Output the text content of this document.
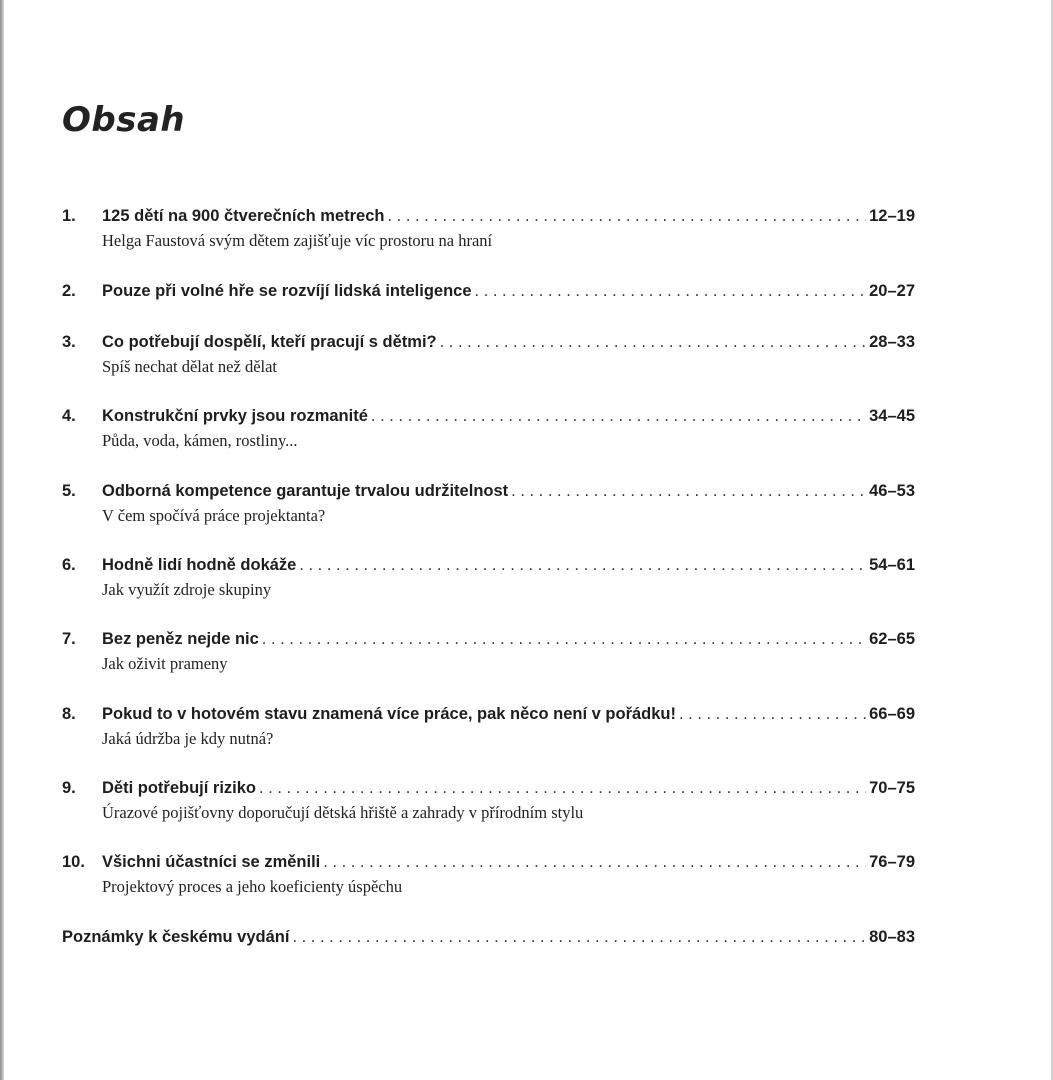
Obsah
1.	125 dětí na 900 čtverečních metrech . . .	12–19
Helga Faustová svým dětem zajišťuje víc prostoru na hraní
2.	Pouze při volné hře se rozvíjí lidská inteligence . . .	20–27
3.	Co potřebují dospělí, kteří pracují s dětmi? . . .	28–33
Spíš nechat dělat než dělat
4.	Konstrukční prvky jsou rozmanité . . .	34–45
Půda, voda, kámen, rostliny...
5.	Odborná kompetence garantuje trvalou udržitelnost . . .	46–53
V čem spočívá práce projektanta?
6.	Hodně lidí hodně dokáže . . .	54–61
Jak využít zdroje skupiny
7.	Bez peněz nejde nic . . .	62–65
Jak oživit prameny
8.	Pokud to v hotovém stavu znamená více práce, pak něco není v pořádku! . . .	66–69
Jaká údržba je kdy nutná?
9.	Děti potřebují riziko . . .	70–75
Úrazové pojišťovny doporučují dětská hřiště a zahrady v přírodním stylu
10.	Všichni účastníci se změnili . . .	76–79
Projektový proces a jeho koeficienty úspěchu
Poznámky k českému vydání . . .	80–83
